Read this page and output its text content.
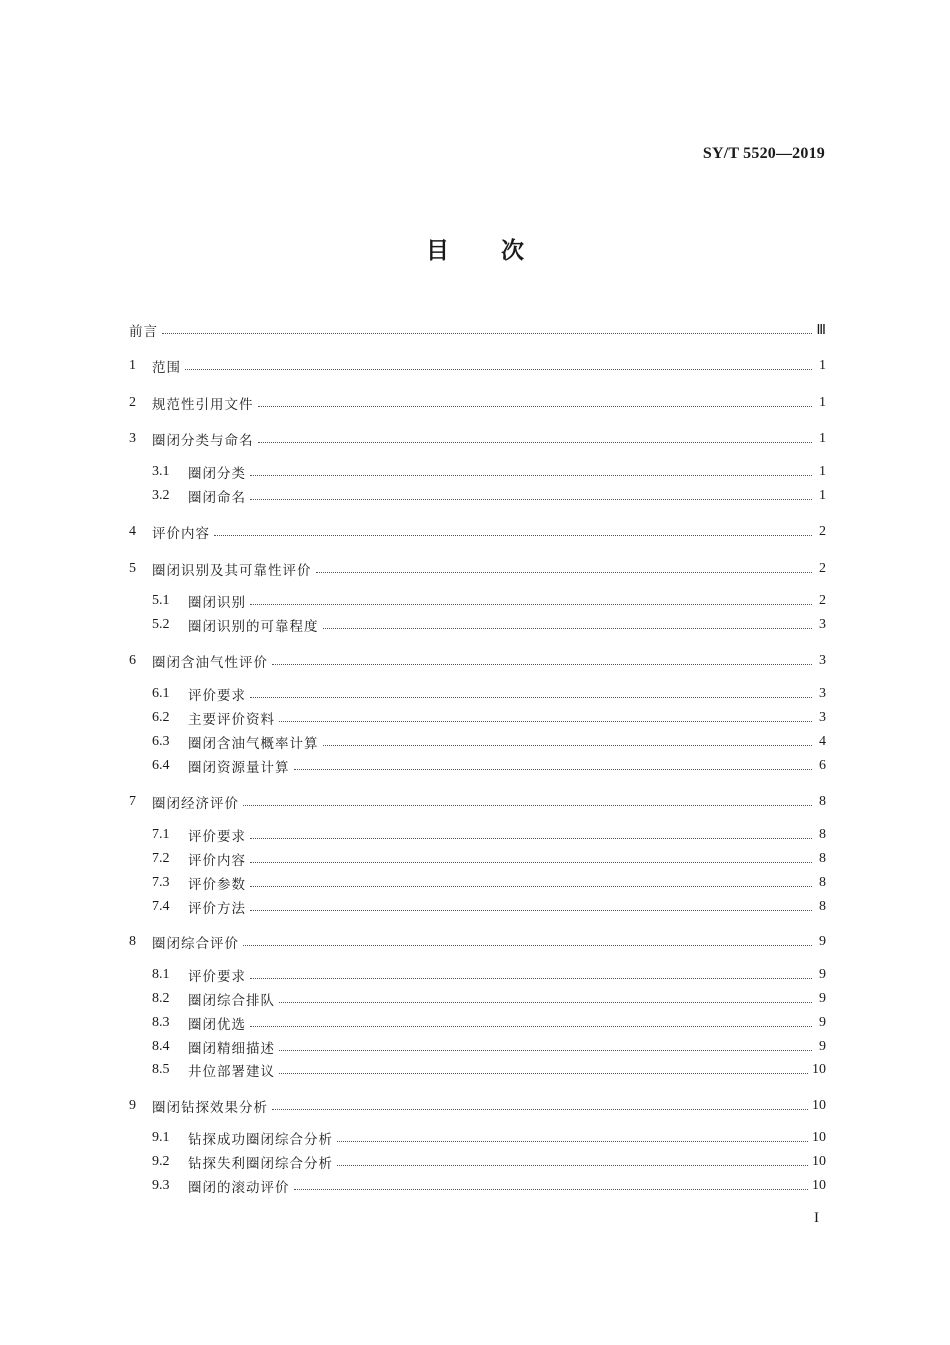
SY/T 5520—2019
目 次
前言	Ⅲ
1	范围	1
2	规范性引用文件	1
3	圈闭分类与命名	1
3.1	圈闭分类	1
3.2	圈闭命名	1
4	评价内容	2
5	圈闭识别及其可靠性评价	2
5.1	圈闭识别	2
5.2	圈闭识别的可靠程度	3
6	圈闭含油气性评价	3
6.1	评价要求	3
6.2	主要评价资料	3
6.3	圈闭含油气概率计算	4
6.4	圈闭资源量计算	6
7	圈闭经济评价	8
7.1	评价要求	8
7.2	评价内容	8
7.3	评价参数	8
7.4	评价方法	8
8	圈闭综合评价	9
8.1	评价要求	9
8.2	圈闭综合排队	9
8.3	圈闭优选	9
8.4	圈闭精细描述	9
8.5	井位部署建议	10
9	圈闭钻探效果分析	10
9.1	钻探成功圈闭综合分析	10
9.2	钻探失利圈闭综合分析	10
9.3	圈闭的滚动评价	10
I
